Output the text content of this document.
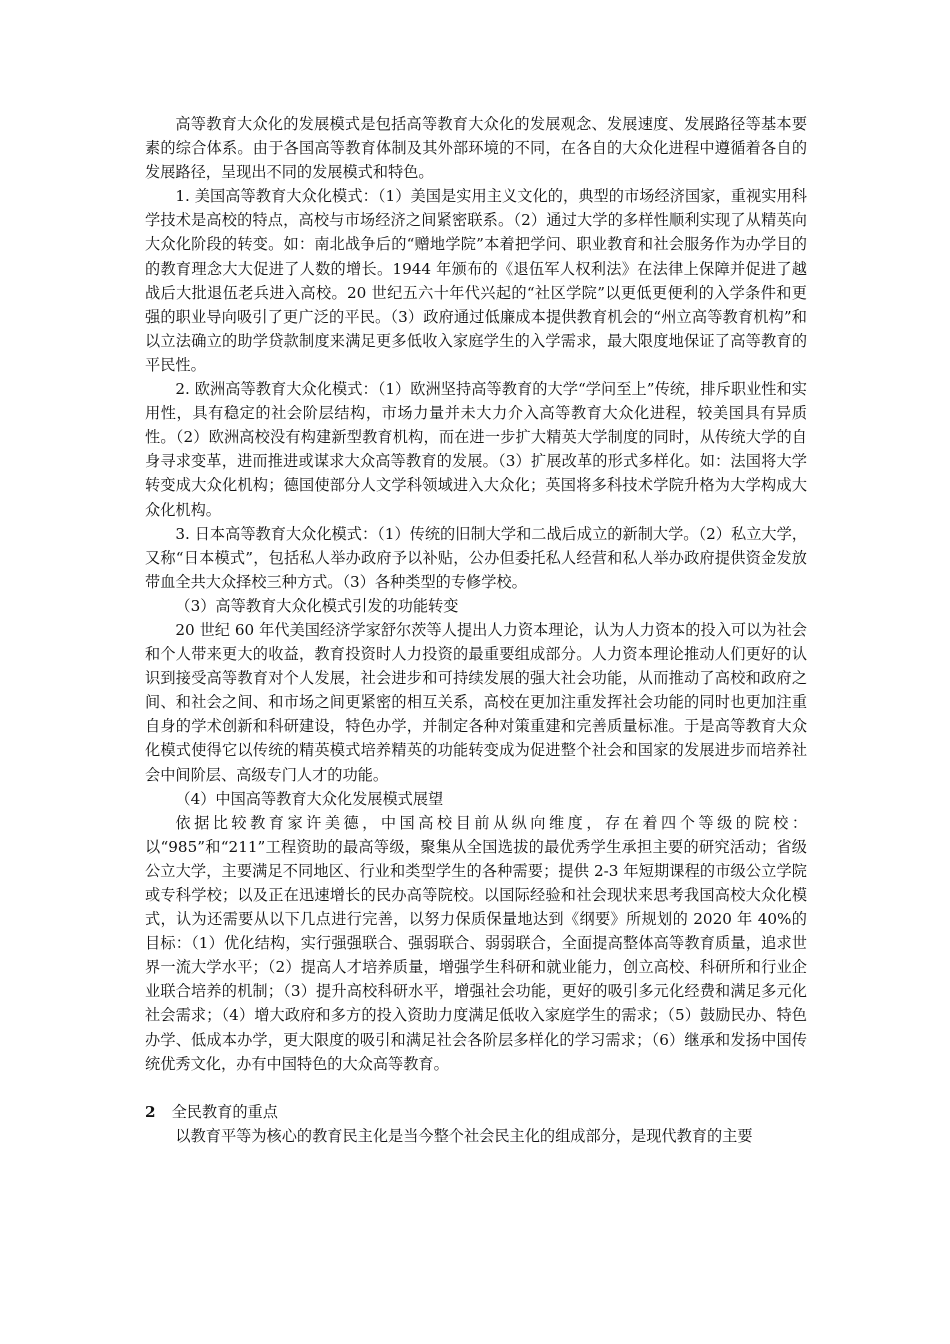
高等教育大众化的发展模式是包括高等教育大众化的发展观念、发展速度、发展路径等基本要素的综合体系。由于各国高等教育体制及其外部环境的不同，在各自的大众化进程中遵循着各自的发展路径，呈现出不同的发展模式和特色。

1. 美国高等教育大众化模式：（1）美国是实用主义文化的，典型的市场经济国家，重视实用科学技术是高校的特点，高校与市场经济之间紧密联系。（2）通过大学的多样性顺利实现了从精英向大众化阶段的转变。如：南北战争后的“赠地学院”本着把学问、职业教育和社会服务作为办学目的的教育理念大大促进了人数的增长。1944 年颁布的《退伍军人权利法》在法律上保障并促进了越战后大批退伍老兵进入高校。20 世纪五六十年代兴起的“社区学院”以更低更便利的入学条件和更强的职业导向吸引了更广泛的平民。（3）政府通过低廉成本提供教育机会的“州立高等教育机构”和以立法确立的助学贷款制度来满足更多低收入家庭学生的入学需求，最大限度地保证了高等教育的平民性。

2. 欧洲高等教育大众化模式：（1）欧洲坚持高等教育的大学“学问至上”传统，排斥职业性和实用性，具有稳定的社会阶层结构，市场力量并未大力介入高等教育大众化进程，较美国具有异质性。（2）欧洲高校没有构建新型教育机构，而在进一步扩大精英大学制度的同时，从传统大学的自身寻求变革，进而推进或谋求大众高等教育的发展。（3）扩展改革的形式多样化。如：法国将大学转变成大众化机构；德国使部分人文学科领域进入大众化；英国将多科技术学院升格为大学构成大众化机构。

3. 日本高等教育大众化模式：（1）传统的旧制大学和二战后成立的新制大学。（2）私立大学，又称“日本模式”，包括私人举办政府予以补贴，公办但委托私人经营和私人举办政府提供资金发放带血全共大众择校三种方式。（3）各种类型的专修学校。

（3）高等教育大众化模式引发的功能转变

20 世纪 60 年代美国经济学家舒尔茨等人提出人力资本理论，认为人力资本的投入可以为社会和个人带来更大的收益，教育投资时人力投资的最重要组成部分。人力资本理论推动人们更好的认识到接受高等教育对个人发展，社会进步和可持续发展的强大社会功能，从而推动了高校和政府之间、和社会之间、和市场之间更紧密的相互关系，高校在更加注重发挥社会功能的同时也更加注重自身的学术创新和科研建设，特色办学，并制定各种对策重建和完善质量标准。于是高等教育大众化模式使得它以传统的精英模式培养精英的功能转变成为促进整个社会和国家的发展进步而培养社会中间阶层、高级专门人才的功能。

（4）中国高等教育大众化发展模式展望

依据比较教育家许美德，中国高校目前从纵向维度，存在着四个等级的院校：以“985”和“211”工程资助的最高等级，聚集从全国选拔的最优秀学生承担主要的研究活动；省级公立大学，主要满足不同地区、行业和类型学生的各种需要；提供 2-3 年短期课程的市级公立学院或专科学校；以及正在迅速增长的民办高等院校。以国际经验和社会现状来思考我国高校大众化模式，认为还需要从以下几点进行完善，以努力保质保量地达到《纲要》所规划的 2020 年 40%的目标：（1）优化结构，实行强强联合、强弱联合、弱弱联合，全面提高整体高等教育质量，追求世界一流大学水平；（2）提高人才培养质量，增强学生科研和就业能力，创立高校、科研所和行业企业联合培养的机制；（3）提升高校科研水平，增强社会功能，更好的吸引多元化经费和满足多元化社会需求；（4）增大政府和多方的投入资助力度满足低收入家庭学生的需求；（5）鼓励民办、特色办学、低成本办学，更大限度的吸引和满足社会各阶层多样化的学习需求；（6）继承和发扬中国传统优秀文化，办有中国特色的大众高等教育。

2 全民教育的重点

以教育平等为核心的教育民主化是当今整个社会民主化的组成部分，是现代教育的主要
